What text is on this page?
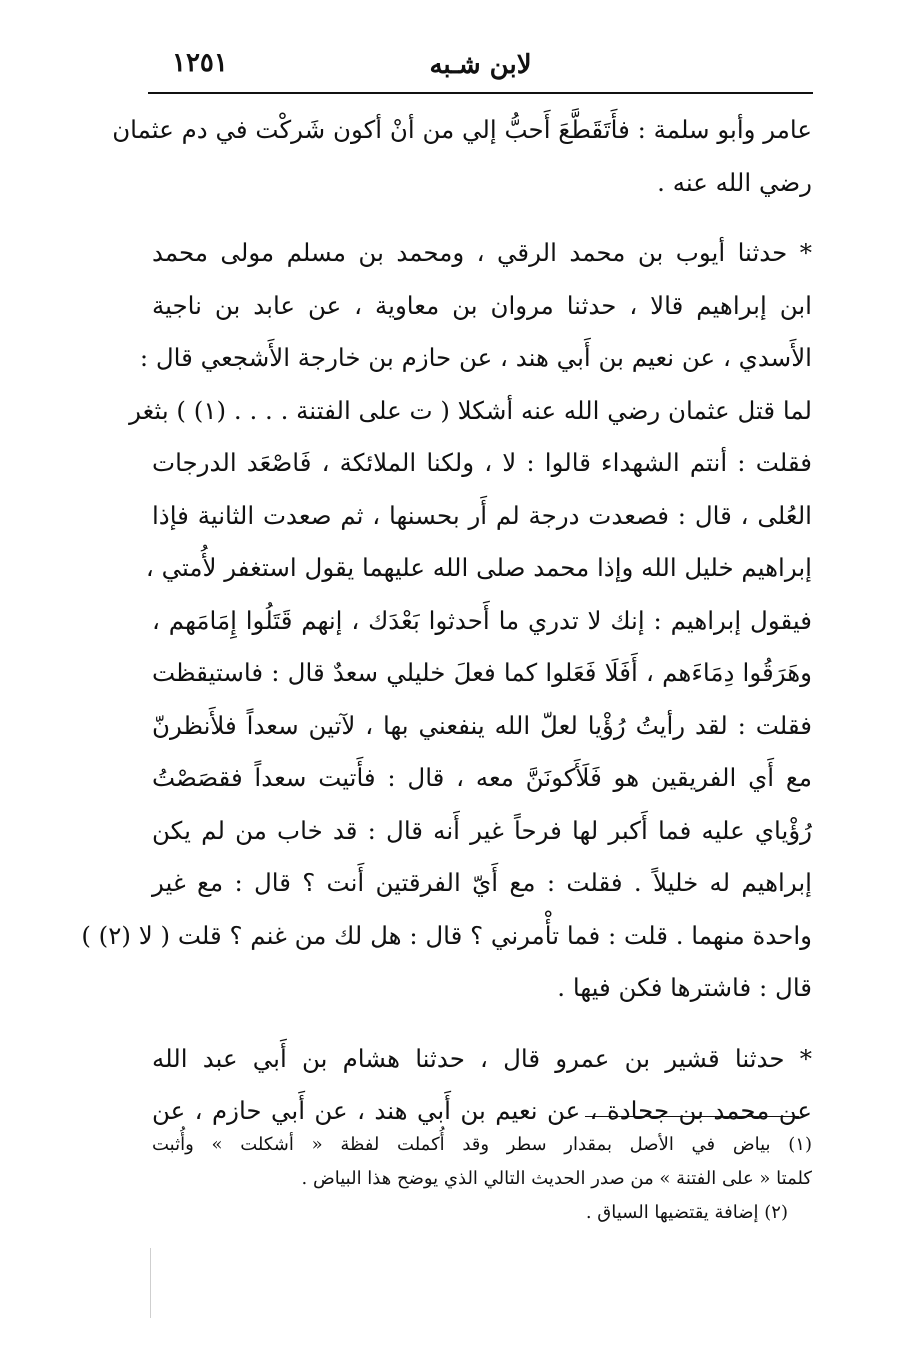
١٢٥١	لابن شـبه
عامر وأبو سلمة : فأَتَقَطَّعَ أَحبُّ إلي من أنْ أكون شَركْت في دم عثمان
رضي الله عنه .
* حدثنا أيوب بن محمد الرقي ، ومحمد بن مسلم مولى محمد
ابن إبراهيم قالا ، حدثنا مروان بن معاوية ، عن عابد بن ناجية
الأَسدي ، عن نعيم بن أَبي هند ، عن حازم بن خارجة الأَشجعي قال :
لما قتل عثمان رضي الله عنه أشكلا ( ت على الفتنة . . . . (١) ) بثغر
فقلت : أنتم الشهداء قالوا : لا ، ولكنا الملائكة ، فَاصْعَد الدرجات
العُلى ، قال : فصعدت درجة لم أَر بحسنها ، ثم صعدت الثانية فإذا
إبراهيم خليل الله وإذا محمد صلى الله عليهما يقول استغفر لأُمتي ،
فيقول إبراهيم : إنك لا تدري ما أَحدثوا بَعْدَك ، إنهم قَتَلُوا إِمَامَهم ،
وهَرَقُوا دِمَاءَهم ، أَفَلَا فَعَلوا كما فعلَ خليلي سعدٌ قال : فاستيقظت
فقلت : لقد رأيتُ رُؤْيا لعلّ الله ينفعني بها ، لآتين سعداً فلأَنظرنّ
مع أَي الفريقين هو فَلَأَكونَنَّ معه ، قال : فأَتيت سعداً فقصَصْتُ
رُؤْياي عليه فما أَكبر لها فرحاً غير أَنه قال : قد خاب من لم يكن
إبراهيم له خليلاً . فقلت : مع أَيّ الفرقتين أَنت ؟ قال : مع غير
واحدة منهما . قلت : فما تأْمرني ؟ قال : هل لك من غنم ؟ قلت ( لا (٢) )
قال : فاشترها فكن فيها .
* حدثنا قشير بن عمرو قال ، حدثنا هشام بن أَبي عبد الله
عن محمد بن جحادة ، عن نعيم بن أَبي هند ، عن أَبي حازم ، عن
(١) بياض في الأصل بمقدار سطر وقد أُكملت لفظة « أشكلت » وأُثبت
كلمتا « على الفتنة » من صدر الحديث التالي الذي يوضح هذا البياض .
(٢) إضافة يقتضيها السياق .
